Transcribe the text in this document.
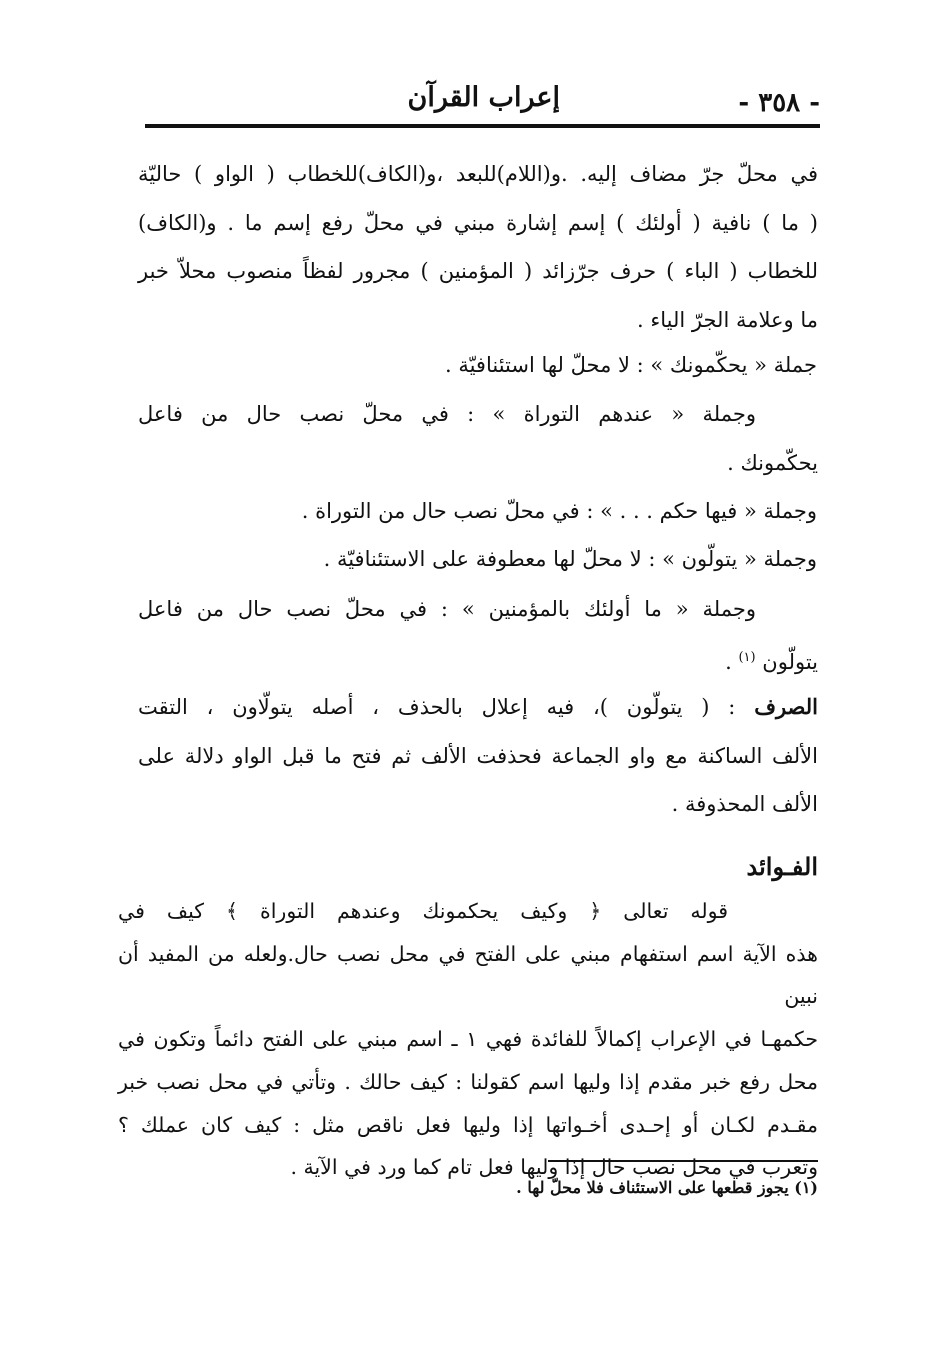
- ٣٥٨ -
إعراب القرآن
في محلّ جرّ مضاف إليه. .و(اللام)للبعد ،و(الكاف)للخطاب ( الواو ) حاليّة
( ما ) نافية ( أولئك ) إسم إشارة مبني في محلّ رفع إسم ما . و(الكاف)
للخطاب ( الباء ) حرف جرّزائد ( المؤمنين ) مجرور لفظاً منصوب محلاّ خبر
ما وعلامة الجرّ الياء .

جملة « يحكّمونك » : لا محلّ لها استئنافيّة .

وجملة « عندهم التوراة » : في محلّ نصب حال من فاعل
يحكّمونك .

وجملة « فيها حكم . . . » : في محلّ نصب حال من التوراة .

وجملة « يتولّون » : لا محلّ لها معطوفة على الاستئنافيّة .

وجملة « ما أولئك بالمؤمنين » : في محلّ نصب حال من فاعل
يتولّون $^{(١)}$ .
الصرف : ( يتولّون )، فيه إعلال بالحذف ، أصله يتولّاون ، التقت
الألف الساكنة مع واو الجماعة فحذفت الألف ثم فتح ما قبل الواو دلالة على
الألف المحذوفة .
الفـوائد
قوله تعالى ﴿ وكيف يحكمونك وعندهم التوراة ﴾ كيف في
هذه الآية اسم استفهام مبني على الفتح في محل نصب حال.ولعله من المفيد أن نبين
حكمهـا في الإعراب إكمالاً للفائدة فهي ١ ـ اسم مبني على الفتح دائماً وتكون في
محل رفع خبر مقدم إذا وليها اسم كقولنا : كيف حالك . وتأتي في محل نصب خبر
مقـدم لكـان أو إحـدى أخـواتها إذا وليها فعل ناقص مثل : كيف كان عملك ؟
وتعرب في محل نصب حال إذا وليها فعل تام كما ورد في الآية .
(١) يجوز قطعها على الاستئناف فلا محلّ لها .
